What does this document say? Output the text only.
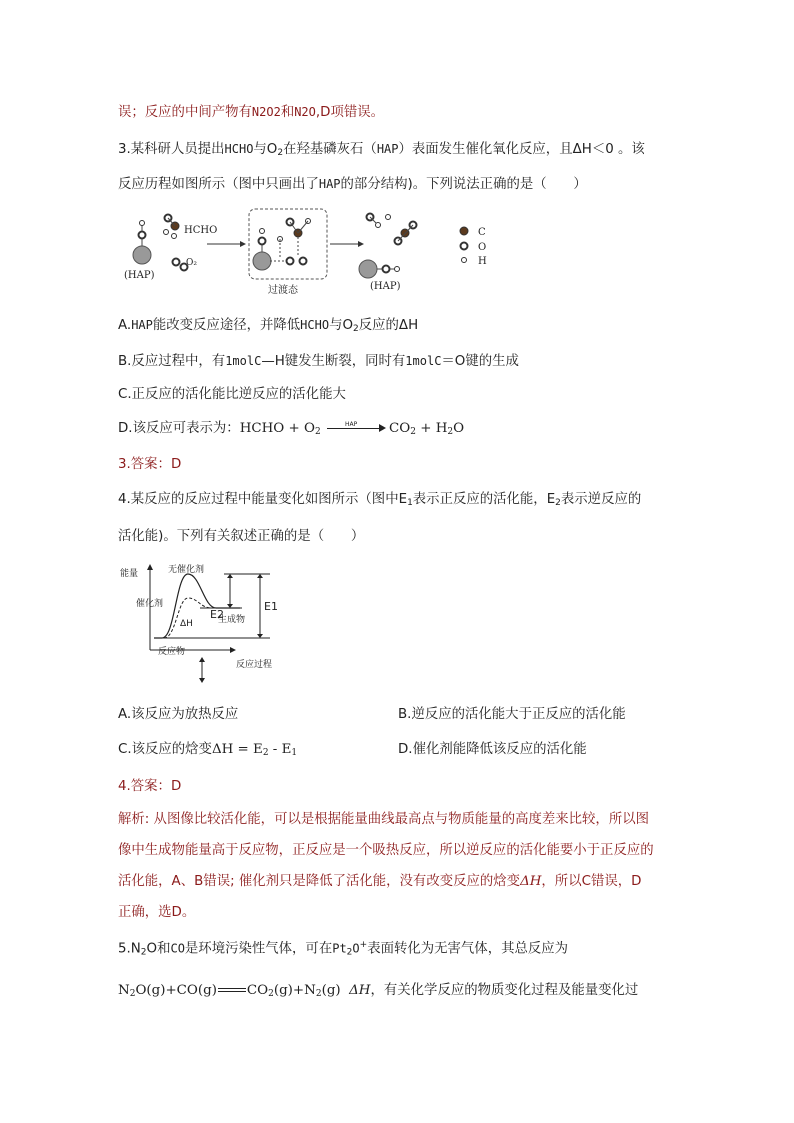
误；反应的中间产物有N2O2和N2O,D项错误。
3.某科研人员提出HCHO与$O_2$在羟基磷灰石（HAP）表面发生催化氧化反应，且ΔH＜0 。该
反应历程如图所示（图中只画出了HAP的部分结构)。下列说法正确的是（　　）
HCHO
O₂
(HAP)
过渡态	(HAP)
C
O
H
A.HAP能改变反应途径，并降低HCHO与$O_2$反应的ΔH
B.反应过程中，有1molC—H键发生断裂，同时有1molC＝O键的生成
C.正反应的活化能比逆反应的活化能大
D.该反应可表示为：HCHO + $O_2$
HAP $CO_2 + H_2O$
3.答案：D
4.某反应的反应过程中能量变化如图所示（图中$E_1$表示正反应的活化能，$E_2$表示逆反应的
活化能)。下列有关叙述正确的是（　　）
能量
反应过程
无催化剂
催化剂
E2
E1
生成物
ΔH
反应物
A.该反应为放热反应	B.逆反应的活化能大于正反应的活化能
C.该反应的焓变$\Delta H = E_2 - E_1$	D.催化剂能降低该反应的活化能
4.答案：D
解析: 从图像比较活化能，可以是根据能量曲线最高点与物质能量的高度差来比较，所以图
像中生成物能量高于反应物，正反应是一个吸热反应，所以逆反应的活化能要小于正反应的
活化能，A、B错误; 催化剂只是降低了活化能，没有改变反应的焓变ΔH，所以C错误，D
正确，选D。
$5.N_2O$和CO是环境污染性气体，可在$Pt_2O^+$表面转化为无害气体，其总反应为
$N_2O(g)+CO(g)$ $CO_2(g)+N_2(g)$ ΔH，有关化学反应的物质变化过程及能量变化过
